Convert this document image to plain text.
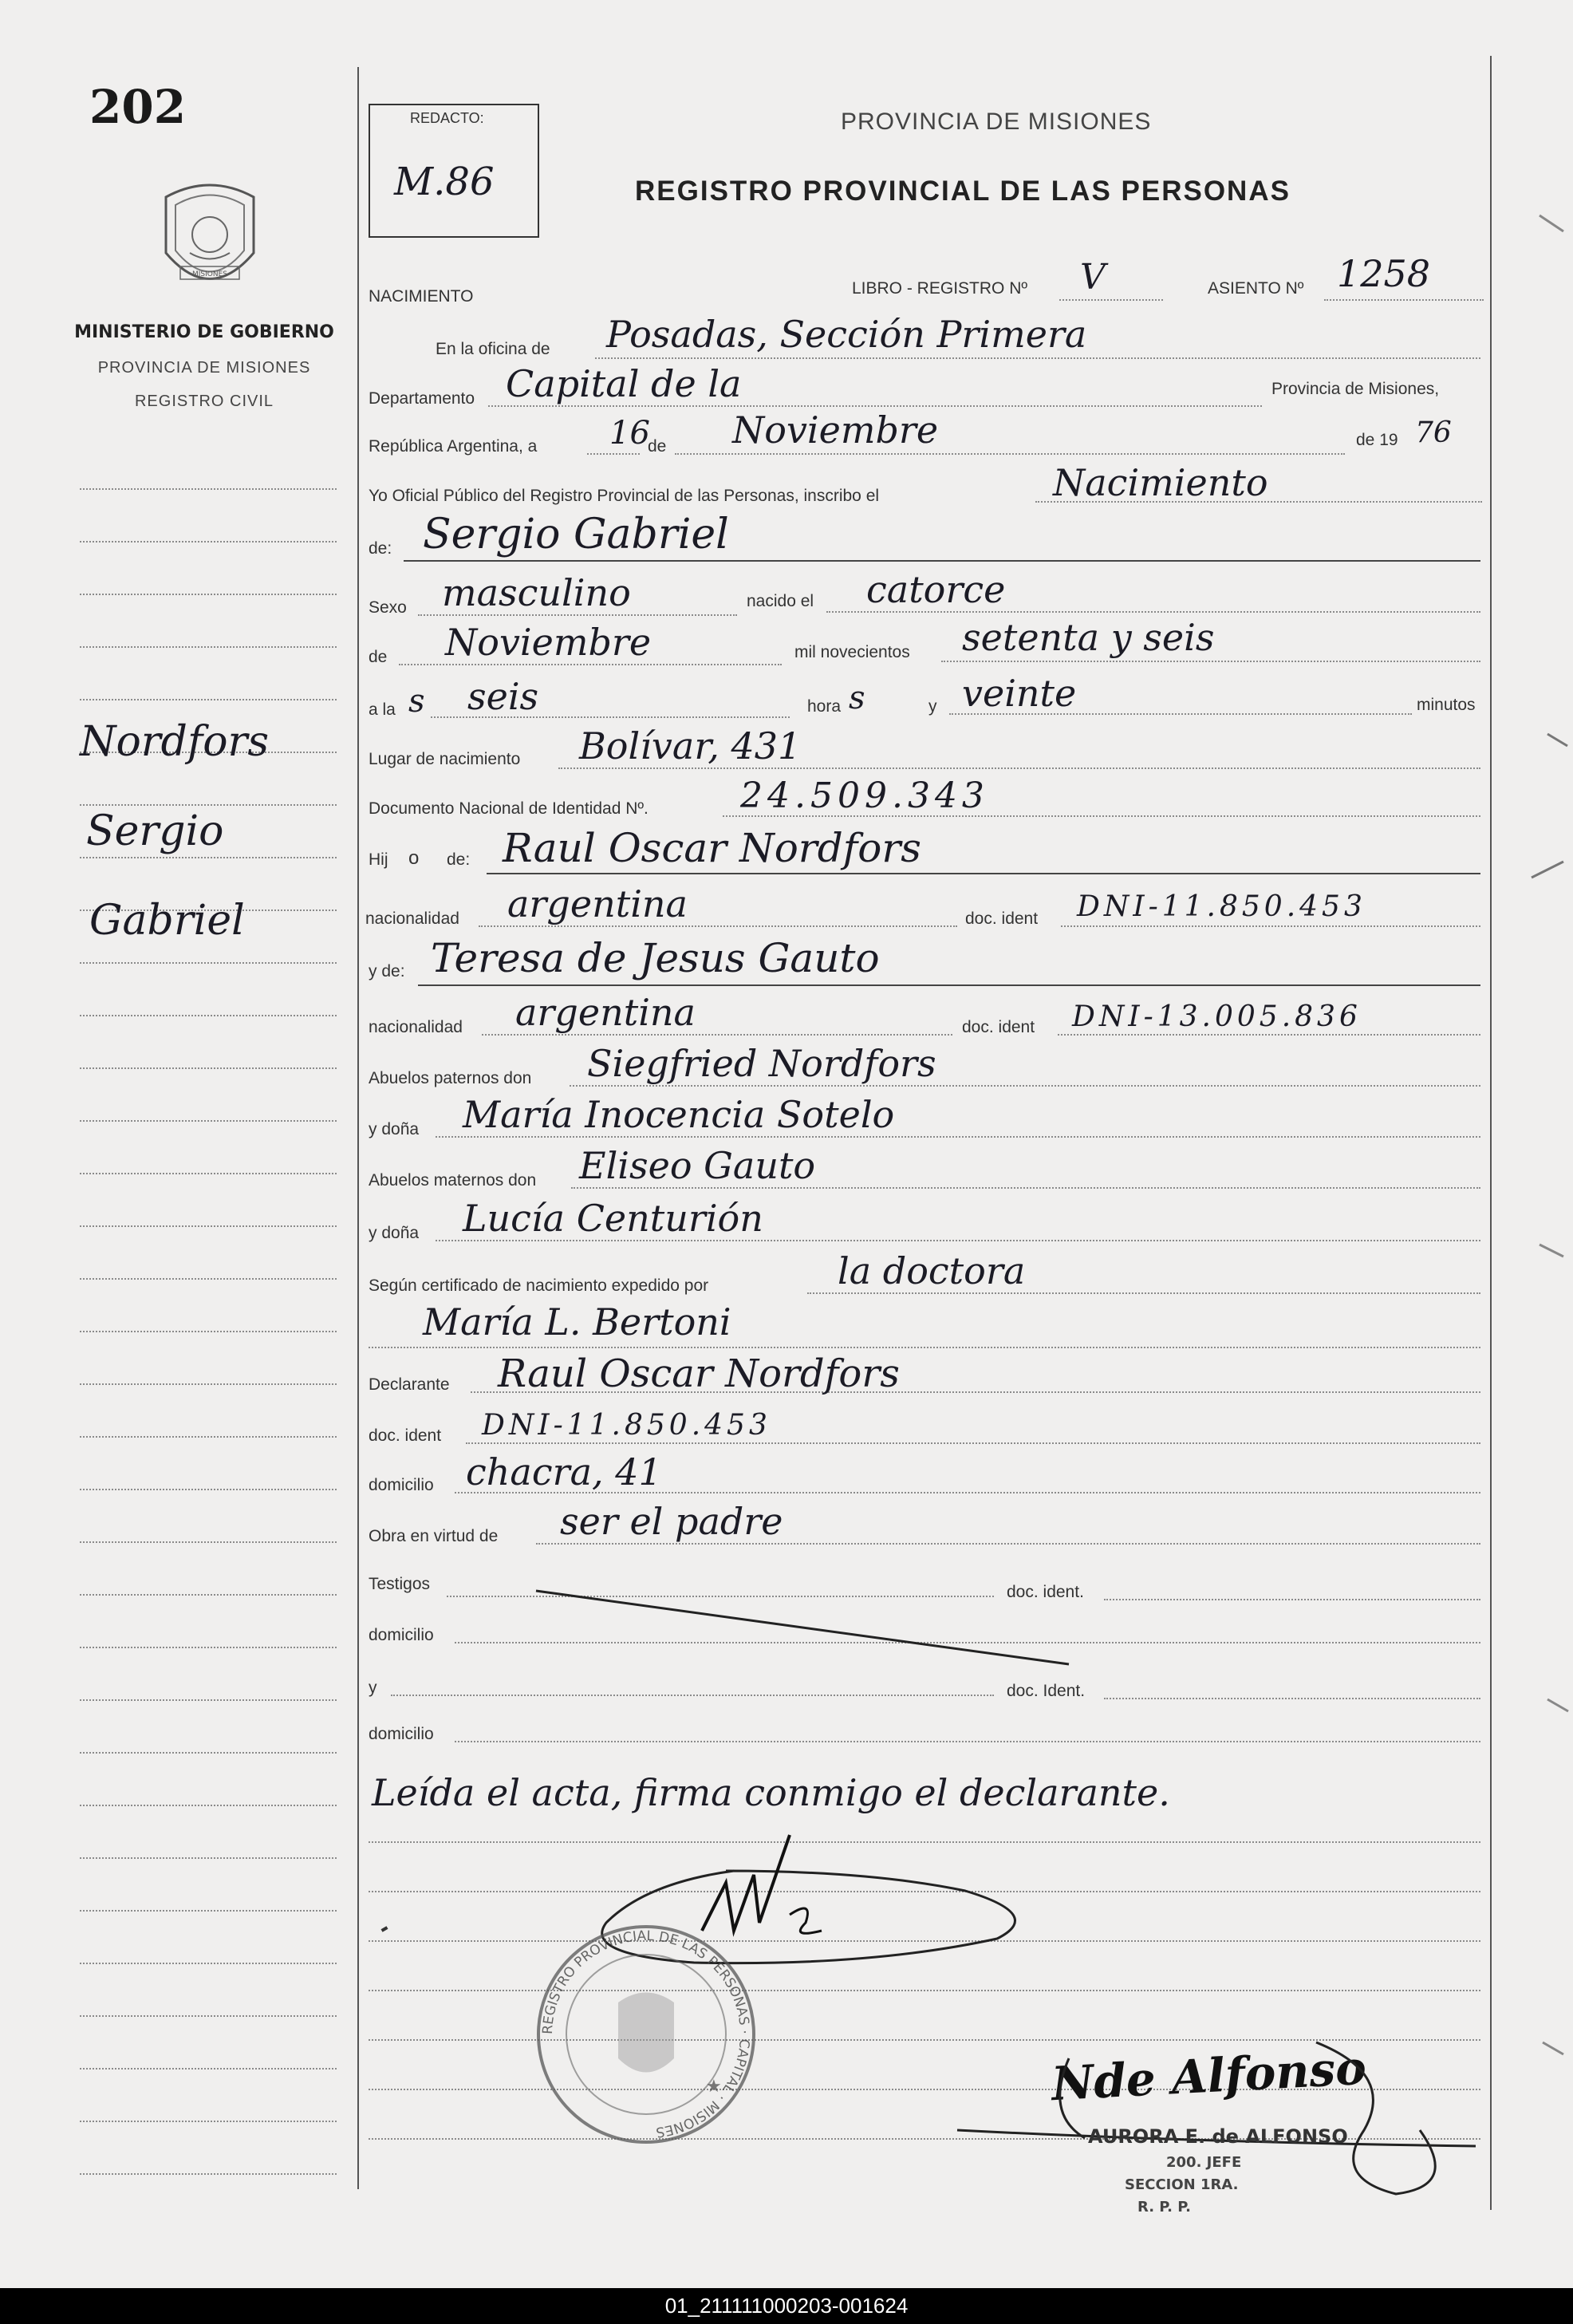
202
MISIONES
MINISTERIO DE GOBIERNO
PROVINCIA DE MISIONES
REGISTRO CIVIL
Nordfors
Sergio
Gabriel
REDACTO:
M.86
PROVINCIA DE MISIONES
REGISTRO PROVINCIAL DE LAS PERSONAS
NACIMIENTO	LIBRO - REGISTRO Nº V	ASIENTO Nº 1258
En la oficina de Posadas, Sección Primera
Departamento Capital de la	Provincia de Misiones,
República Argentina, a 16
de Noviembre	de 19 76
Yo Oficial Público del Registro Provincial de las Personas, inscribo el	Nacimiento
de: Sergio Gabriel
Sexo masculino	nacido el catorce
de Noviembre	mil novecientos setenta y seis
a la s seis	hora s	y veinte	minutos
Lugar de nacimiento Bolívar, 431
Documento Nacional de Identidad Nº.	24.509.343
Hij o de: Raul Oscar Nordfors
nacionalidad argentina	doc. ident DNI-11.850.453
y de: Teresa de Jesus Gauto
nacionalidad argentina	doc. ident DNI-13.005.836
Abuelos paternos don Siegfried Nordfors
y doña María Inocencia Sotelo
Abuelos maternos don Eliseo Gauto
y doña Lucía Centurión
Según certificado de nacimiento expedido por	la doctora
María L. Bertoni
Declarante Raul Oscar Nordfors
doc. ident DNI-11.850.453
domicilio chacra, 41
Obra en virtud de ser el padre
Testigos	doc. ident.
domicilio
y	doc. Ident.
domicilio
Leída el acta, firma conmigo el declarante.
REGISTRO PROVINCIAL DE LAS PERSONAS · CAPITAL · MISIONES
★	Nde Alfonso
AURORA E. de ALFONSO
200. JEFE
SECCION 1RA.
R. P. P.
01_211111000203-001624
